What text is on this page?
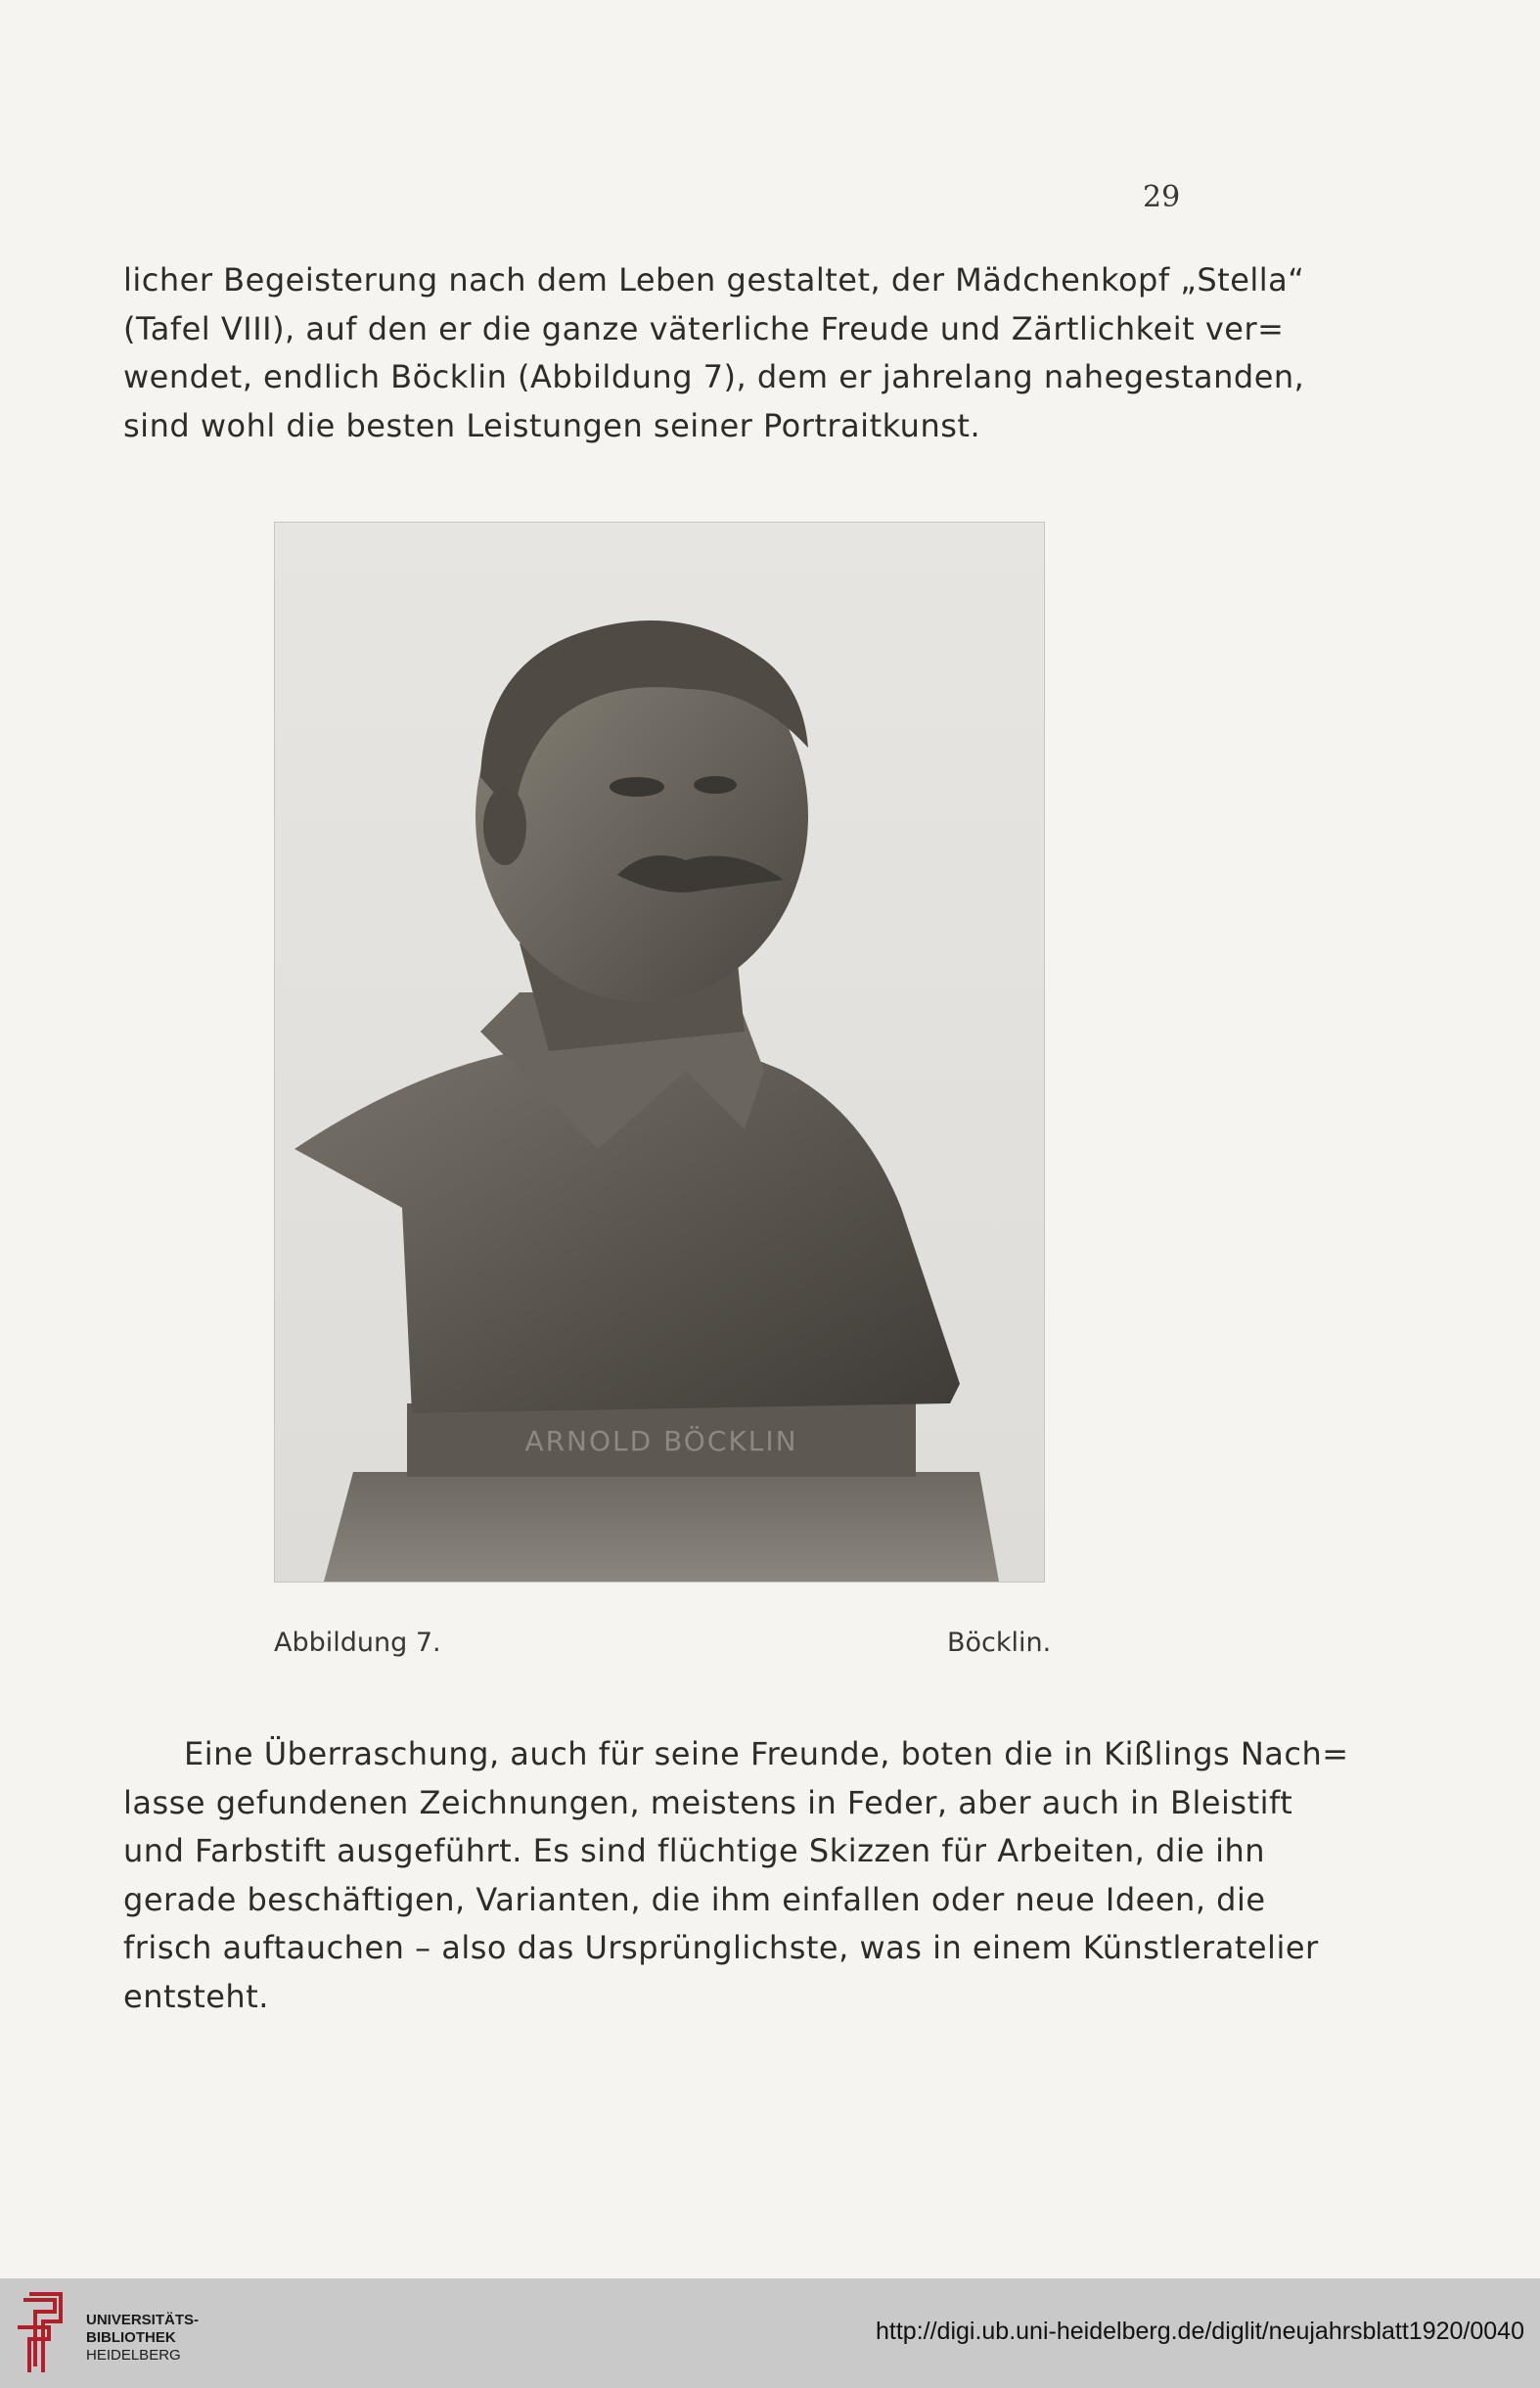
29
licher Begeisterung nach dem Leben gestaltet, der Mädchenkopf „Stella“
(Tafel VIII), auf den er die ganze väterliche Freude und Zärtlichkeit ver=
wendet, endlich Böcklin (Abbildung 7), dem er jahrelang nahegestanden,
sind wohl die besten Leistungen seiner Portraitkunst.
ARNOLD BÖCKLIN
Abbildung 7.	Böcklin.
Eine Überraschung, auch für seine Freunde, boten die in Kißlings Nach=
lasse gefundenen Zeichnungen, meistens in Feder, aber auch in Bleistift
und Farbstift ausgeführt. Es sind flüchtige Skizzen für Arbeiten, die ihn
gerade beschäftigen, Varianten, die ihm einfallen oder neue Ideen, die
frisch auftauchen – also das Ursprünglichste, was in einem Künstleratelier
entsteht.
UNIVERSITÄTS-
BIBLIOTHEK
HEIDELBERG
http://digi.ub.uni-heidelberg.de/diglit/neujahrsblatt1920/0040
